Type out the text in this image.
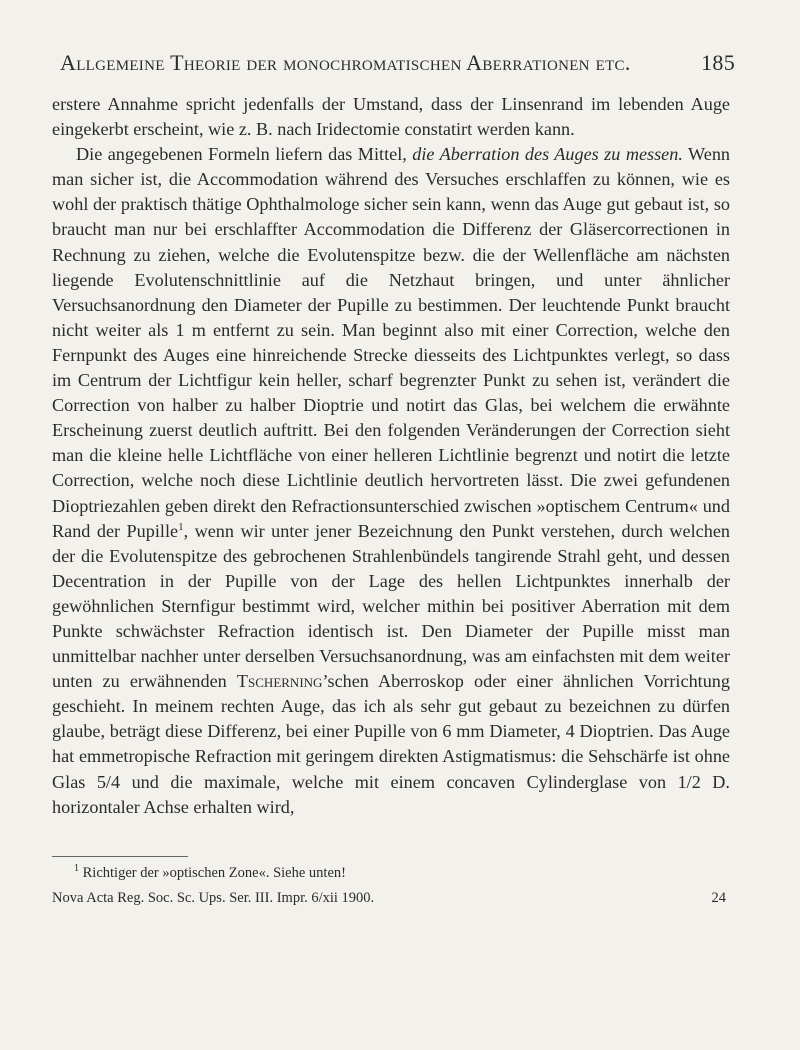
Allgemeine Theorie der monochromatischen Aberrationen etc.	185

erstere Annahme spricht jedenfalls der Umstand, dass der Linsenrand im lebenden Auge eingekerbt erscheint, wie z. B. nach Iridectomie constatirt werden kann.

Die angegebenen Formeln liefern das Mittel, die Aberration des Auges zu messen. Wenn man sicher ist, die Accommodation während des Versuches erschlaffen zu können, wie es wohl der praktisch thätige Ophthalmologe sicher sein kann, wenn das Auge gut gebaut ist, so braucht man nur bei erschlaffter Accommodation die Differenz der Gläsercorrectionen in Rechnung zu ziehen, welche die Evolutenspitze bezw. die der Wellenfläche am nächsten liegende Evolutenschnittlinie auf die Netzhaut bringen, und unter ähnlicher Versuchsanordnung den Diameter der Pupille zu bestimmen. Der leuchtende Punkt braucht nicht weiter als 1 m entfernt zu sein. Man beginnt also mit einer Correction, welche den Fernpunkt des Auges eine hinreichende Strecke diesseits des Lichtpunktes verlegt, so dass im Centrum der Lichtfigur kein heller, scharf begrenzter Punkt zu sehen ist, verändert die Correction von halber zu halber Dioptrie und notirt das Glas, bei welchem die erwähnte Erscheinung zuerst deutlich auftritt. Bei den folgenden Veränderungen der Correction sieht man die kleine helle Lichtfläche von einer helleren Lichtlinie begrenzt und notirt die letzte Correction, welche noch diese Lichtlinie deutlich hervortreten lässt. Die zwei gefundenen Dioptriezahlen geben direkt den Refractionsunterschied zwischen »optischem Centrum« und Rand der Pupille$^1$, wenn wir unter jener Bezeichnung den Punkt verstehen, durch welchen der die Evolutenspitze des gebrochenen Strahlenbündels tangirende Strahl geht, und dessen Decentration in der Pupille von der Lage des hellen Lichtpunktes innerhalb der gewöhnlichen Sternfigur bestimmt wird, welcher mithin bei positiver Aberration mit dem Punkte schwächster Refraction identisch ist. Den Diameter der Pupille misst man unmittelbar nachher unter derselben Versuchsanordnung, was am einfachsten mit dem weiter unten zu erwähnenden Tscherning’schen Aberroskop oder einer ähnlichen Vorrichtung geschieht. In meinem rechten Auge, das ich als sehr gut gebaut zu bezeichnen zu dürfen glaube, beträgt diese Differenz, bei einer Pupille von 6 mm Diameter, 4 Dioptrien. Das Auge hat emmetropische Refraction mit geringem direkten Astigmatismus: die Sehschärfe ist ohne Glas 5/4 und die maximale, welche mit einem concaven Cylinderglase von 1/2 D. horizontaler Achse erhalten wird,

$^1$ Richtiger der »optischen Zone«. Siehe unten!
Nova Acta Reg. Soc. Sc. Ups. Ser. III. Impr. 6/xii 1900.	24
